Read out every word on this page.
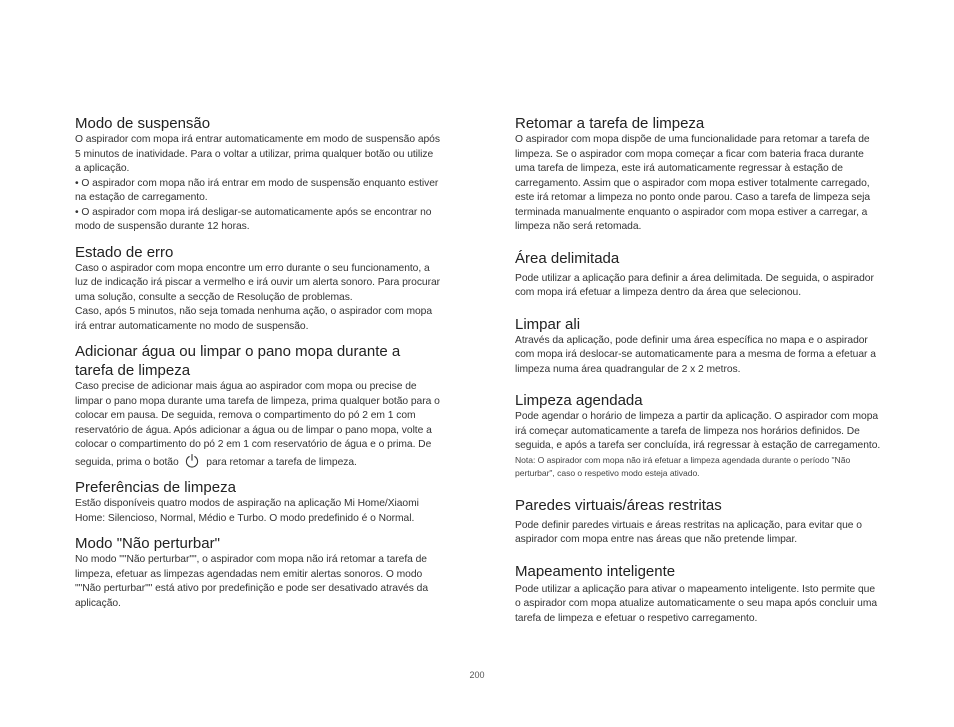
Modo de suspensão

O aspirador com mopa irá entrar automaticamente em modo de suspensão após 5 minutos de inatividade. Para o voltar a utilizar, prima qualquer botão ou utilize a aplicação.

• O aspirador com mopa não irá entrar em modo de suspensão enquanto estiver na estação de carregamento.

• O aspirador com mopa irá desligar-se automaticamente após se encontrar no modo de suspensão durante 12 horas.

Estado de erro

Caso o aspirador com mopa encontre um erro durante o seu funcionamento, a luz de indicação irá piscar a vermelho e irá ouvir um alerta sonoro. Para procurar uma solução, consulte a secção de Resolução de problemas.

Caso, após 5 minutos, não seja tomada nenhuma ação, o aspirador com mopa irá entrar automaticamente no modo de suspensão.

Adicionar água ou limpar o pano mopa durante a tarefa de limpeza

Caso precise de adicionar mais água ao aspirador com mopa ou precise de limpar o pano mopa durante uma tarefa de limpeza, prima qualquer botão para o colocar em pausa. De seguida, remova o compartimento do pó 2 em 1 com reservatório de água. Após adicionar a água ou de limpar o pano mopa, volte a colocar o compartimento do pó 2 em 1 com reservatório de água e o prima. De seguida, prima o botão	para retomar a tarefa de limpeza.

Preferências de limpeza

Estão disponíveis quatro modos de aspiração na aplicação Mi Home/Xiaomi Home: Silencioso, Normal, Médio e Turbo. O modo predefinido é o Normal.

Modo "Não perturbar"

No modo ""Não perturbar"", o aspirador com mopa não irá retomar a tarefa de limpeza, efetuar as limpezas agendadas nem emitir alertas sonoros. O modo ""Não perturbar"" está ativo por predefinição e pode ser desativado através da aplicação.

Retomar a tarefa de limpeza

O aspirador com mopa dispõe de uma funcionalidade para retomar a tarefa de limpeza. Se o aspirador com mopa começar a ficar com bateria fraca durante uma tarefa de limpeza, este irá automaticamente regressar à estação de carregamento. Assim que o aspirador com mopa estiver totalmente carregado, este irá retomar a limpeza no ponto onde parou. Caso a tarefa de limpeza seja terminada manualmente enquanto o aspirador com mopa estiver a carregar, a limpeza não será retomada.

Área delimitada

Pode utilizar a aplicação para definir a área delimitada. De seguida, o aspirador com mopa irá efetuar a limpeza dentro da área que selecionou.

Limpar ali

Através da aplicação, pode definir uma área específica no mapa e o aspirador com mopa irá deslocar-se automaticamente para a mesma de forma a efetuar a limpeza numa área quadrangular de 2 x 2 metros.

Limpeza agendada

Pode agendar o horário de limpeza a partir da aplicação. O aspirador com mopa irá começar automaticamente a tarefa de limpeza nos horários definidos. De seguida, e após a tarefa ser concluída, irá regressar à estação de carregamento.

Nota: O aspirador com mopa não irá efetuar a limpeza agendada durante o período "Não perturbar", caso o respetivo modo esteja ativado.

Paredes virtuais/áreas restritas

Pode definir paredes virtuais e áreas restritas na aplicação, para evitar que o aspirador com mopa entre nas áreas que não pretende limpar.

Mapeamento inteligente

Pode utilizar a aplicação para ativar o mapeamento inteligente. Isto permite que o aspirador com mopa atualize automaticamente o seu mapa após concluir uma tarefa de limpeza e efetuar o respetivo carregamento.

200
